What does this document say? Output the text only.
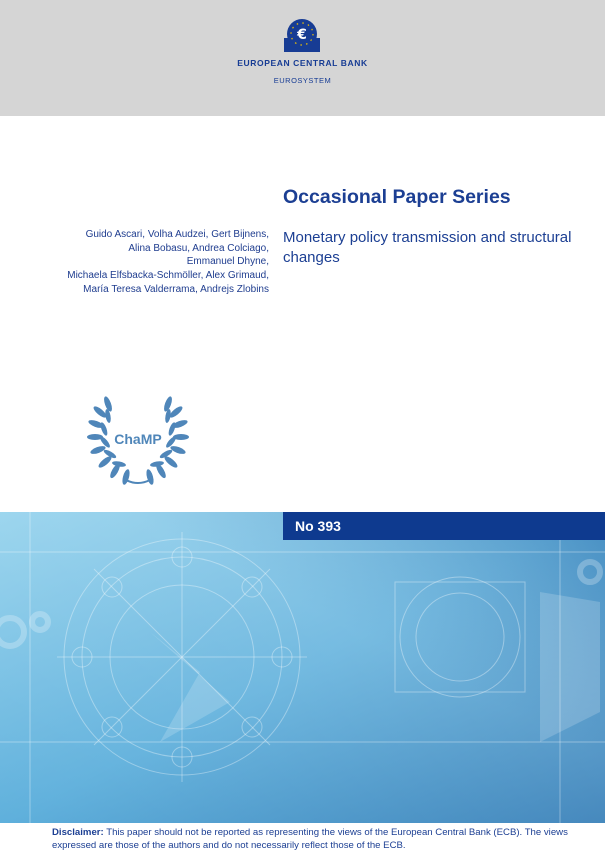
€
EUROPEAN CENTRAL BANK
EUROSYSTEM
Occasional Paper Series
Monetary policy transmission and structural changes
Guido Ascari, Volha Audzei, Gert Bijnens,
Alina Bobasu, Andrea Colciago,
Emmanuel Dhyne,
Michaela Elfsbacka-Schmöller, Alex Grimaud,
María Teresa Valderrama, Andrejs Zlobins
ChaMP
No 393
Disclaimer: This paper should not be reported as representing the views of the European Central Bank (ECB). The views expressed are those of the authors and do not necessarily reflect those of the ECB.
